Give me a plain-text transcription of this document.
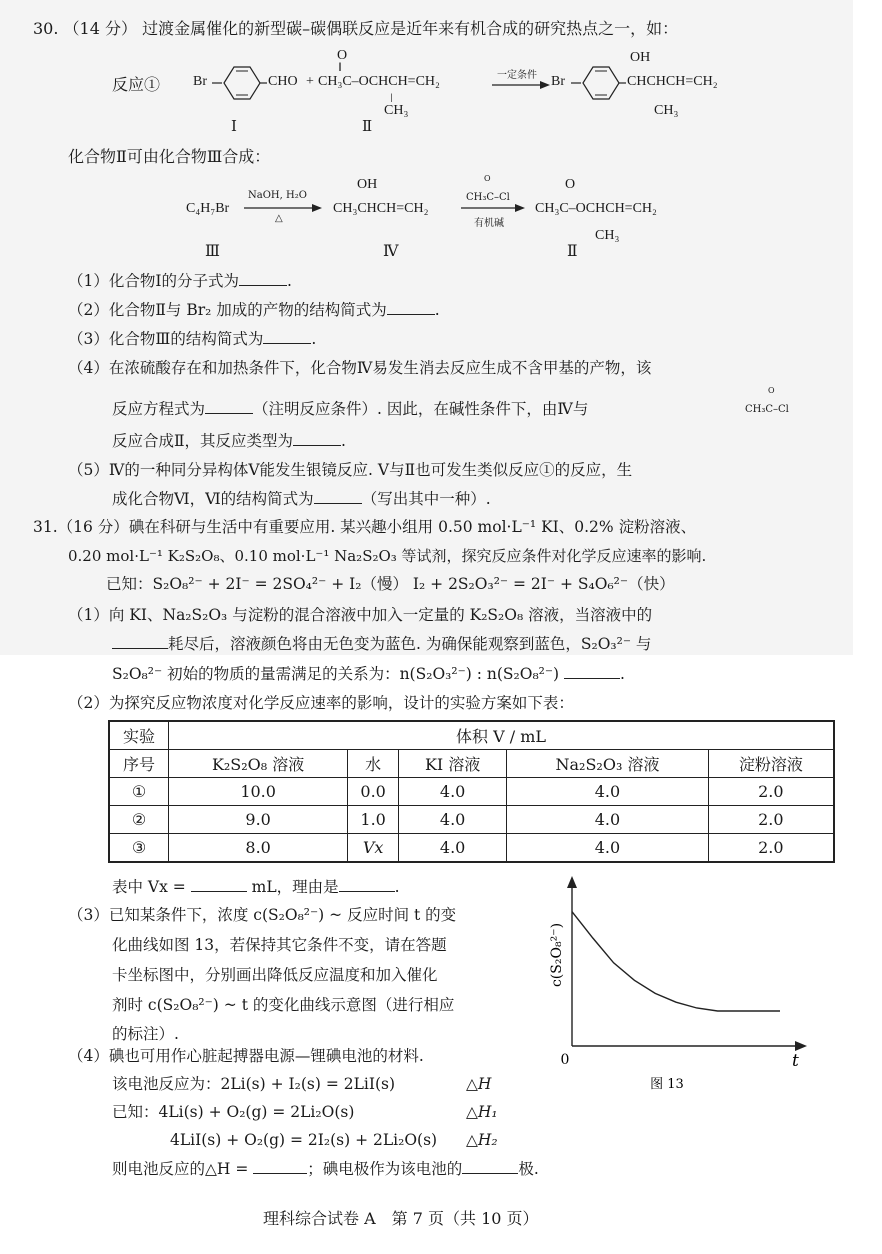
30. （14 分） 过渡金属催化的新型碳–碳偶联反应是近年来有机合成的研究热点之一，如：
反应① Br	CHO +
O
‖
CH₃C–OCHCH=CH₂
|
CH₃
Ⅰ	Ⅱ
一定条件 → Br
OH
CHCHCH=CH₂
CH₃
化合物Ⅱ可由化合物Ⅲ合成：
C₄H₇Br
NaOH, H₂O
△
OH
CH₃CHCH=CH₂
O
CH₃C–Cl
有机碱
O
CH₃C–OCHCH=CH₂
CH₃
Ⅲ	Ⅳ	Ⅱ
（1）化合物Ⅰ的分子式为	.
（2）化合物Ⅱ与 Br₂ 加成的产物的结构简式为	.
（3）化合物Ⅲ的结构简式为	.
（4）在浓硫酸存在和加热条件下，化合物Ⅳ易发生消去反应生成不含甲基的产物，该
反应方程式为	（注明反应条件）. 因此，在碱性条件下，由Ⅳ与
O
CH₃C–Cl
反应合成Ⅱ，其反应类型为	.
（5）Ⅳ的一种同分异构体Ⅴ能发生银镜反应. Ⅴ与Ⅱ也可发生类似反应①的反应，生
成化合物Ⅵ，Ⅵ的结构简式为	（写出其中一种）.
31.（16 分）碘在科研与生活中有重要应用. 某兴趣小组用 0.50 mol·L⁻¹ KI、0.2% 淀粉溶液、
0.20 mol·L⁻¹ K₂S₂O₈、0.10 mol·L⁻¹ Na₂S₂O₃ 等试剂，探究反应条件对化学反应速率的影响.
已知：S₂O₈²⁻ + 2I⁻ = 2SO₄²⁻ + I₂（慢） I₂ + 2S₂O₃²⁻ = 2I⁻ + S₄O₆²⁻（快）
（1）向 KI、Na₂S₂O₃ 与淀粉的混合溶液中加入一定量的 K₂S₂O₈ 溶液，当溶液中的
耗尽后，溶液颜色将由无色变为蓝色. 为确保能观察到蓝色，S₂O₃²⁻ 与
S₂O₈²⁻ 初始的物质的量需满足的关系为：n(S₂O₃²⁻) : n(S₂O₈²⁻)	.
（2）为探究反应物浓度对化学反应速率的影响，设计的实验方案如下表：
实验	体积 V / mL				
序号	K₂S₂O₈ 溶液	水	KI 溶液	Na₂S₂O₃ 溶液	淀粉溶液
①	10.0	0.0	4.0	4.0	2.0
②	9.0	1.0	4.0	4.0	2.0
③	8.0	Vx	4.0	4.0	2.0
表中 Vx =	mL，理由是	.
（3）已知某条件下，浓度 c(S₂O₈²⁻) ~ 反应时间 t 的变
化曲线如图 13，若保持其它条件不变，请在答题
卡坐标图中，分别画出降低反应温度和加入催化
剂时 c(S₂O₈²⁻) ~ t 的变化曲线示意图（进行相应
的标注）.
0	t
c(S₂O₈²⁻)
图 13
（4）碘也可用作心脏起搏器电源—锂碘电池的材料.
该电池反应为：2Li(s) + I₂(s) = 2LiI(s)	△H
已知：4Li(s) + O₂(g) = 2Li₂O(s)	△H₁
4LiI(s) + O₂(g) = 2I₂(s) + 2Li₂O(s) △H₂
则电池反应的△H =	；碘电极作为该电池的	极.
理科综合试卷 A　第 7 页（共 10 页）
